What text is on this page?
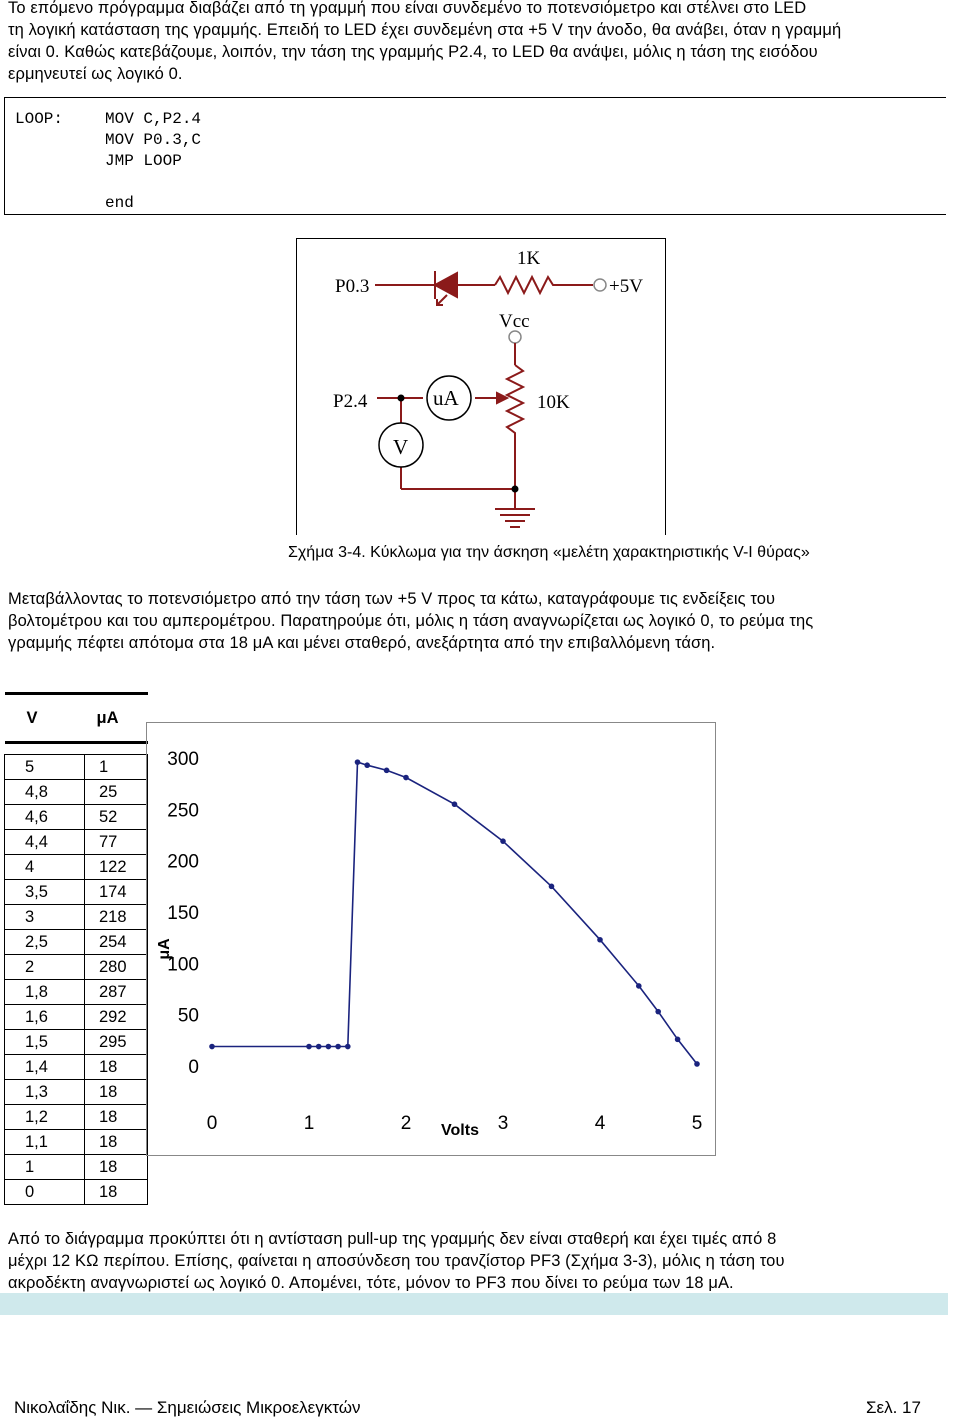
Το επόμενο πρόγραμμα διαβάζει από τη γραμμή που είναι συνδεμένο το ποτενσιόμετρο και στέλνει στο LED
τη λογική κατάσταση της γραμμής. Επειδή το LED έχει συνδεμένη στα +5 V την άνοδο, θα ανάβει, όταν η γραμμή
είναι 0. Καθώς κατεβάζουμε, λοιπόν, την τάση της γραμμής P2.4, το LED θα ανάψει, μόλις η τάση της εισόδου
ερμηνευτεί ως λογικό 0.
LOOP:	MOV C,P2.4
MOV P0.3,C
JMP LOOP
end
P0.3
1K
+5V
Vcc
P2.4	uA	10K
V
Σχήμα 3-4. Κύκλωμα για την άσκηση «μελέτη χαρακτηριστικής V-I θύρας»
Μεταβάλλοντας το ποτενσιόμετρο από την τάση των +5 V προς τα κάτω, καταγράφουμε τις ενδείξεις του
βολτομέτρου και του αμπερομέτρου. Παρατηρούμε ότι, μόλις η τάση αναγνωρίζεται ως λογικό 0, το ρεύμα της
γραμμής πέφτει απότομα στα 18 μA και μένει σταθερό, ανεξάρτητα από την επιβαλλόμενη τάση.
V	μA

5	1
4,8	25
4,6	52
4,4	77
4	122
3,5	174
3	218
2,5	254
2	280
1,8	287
1,6	292
1,5	295
1,4	18
1,3	18
1,2	18
1,1	18
1	18
0	18
0
50
100
150
200
250
300
0	1	2	3	4	5
Volts
μA
Από το διάγραμμα προκύπτει ότι η αντίσταση pull-up της γραμμής δεν είναι σταθερή και έχει τιμές από 8
μέχρι 12 ΚΩ περίπου. Επίσης, φαίνεται η αποσύνδεση του τρανζίστορ PF3 (Σχήμα 3-3), μόλις η τάση του
ακροδέκτη αναγνωριστεί ως λογικό 0. Απομένει, τότε, μόνον το PF3 που δίνει το ρεύμα των 18 μA.
Νικολαΐδης Νικ. — Σημειώσεις Μικροελεγκτών	Σελ. 17
